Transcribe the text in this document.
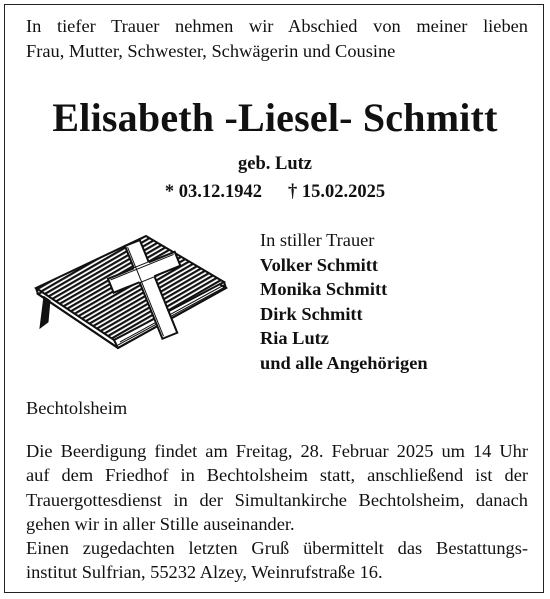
In tiefer Trauer nehmen wir Abschied von meiner lieben
Frau, Mutter, Schwester, Schwägerin und Cousine
Elisabeth -Liesel- Schmitt
geb. Lutz
* 03.12.1942 † 15.02.2025
In stiller Trauer
Volker Schmitt
Monika Schmitt
Dirk Schmitt
Ria Lutz
und alle Angehörigen
Bechtolsheim
Die Beerdigung findet am Freitag, 28. Februar 2025 um 14 Uhr
auf dem Friedhof in Bechtolsheim statt, anschließend ist der
Trauergottesdienst in der Simultankirche Bechtolsheim, danach
gehen wir in aller Stille auseinander.
Einen zugedachten letzten Gruß übermittelt das Bestattungs-
institut Sulfrian, 55232 Alzey, Weinrufstraße 16.
